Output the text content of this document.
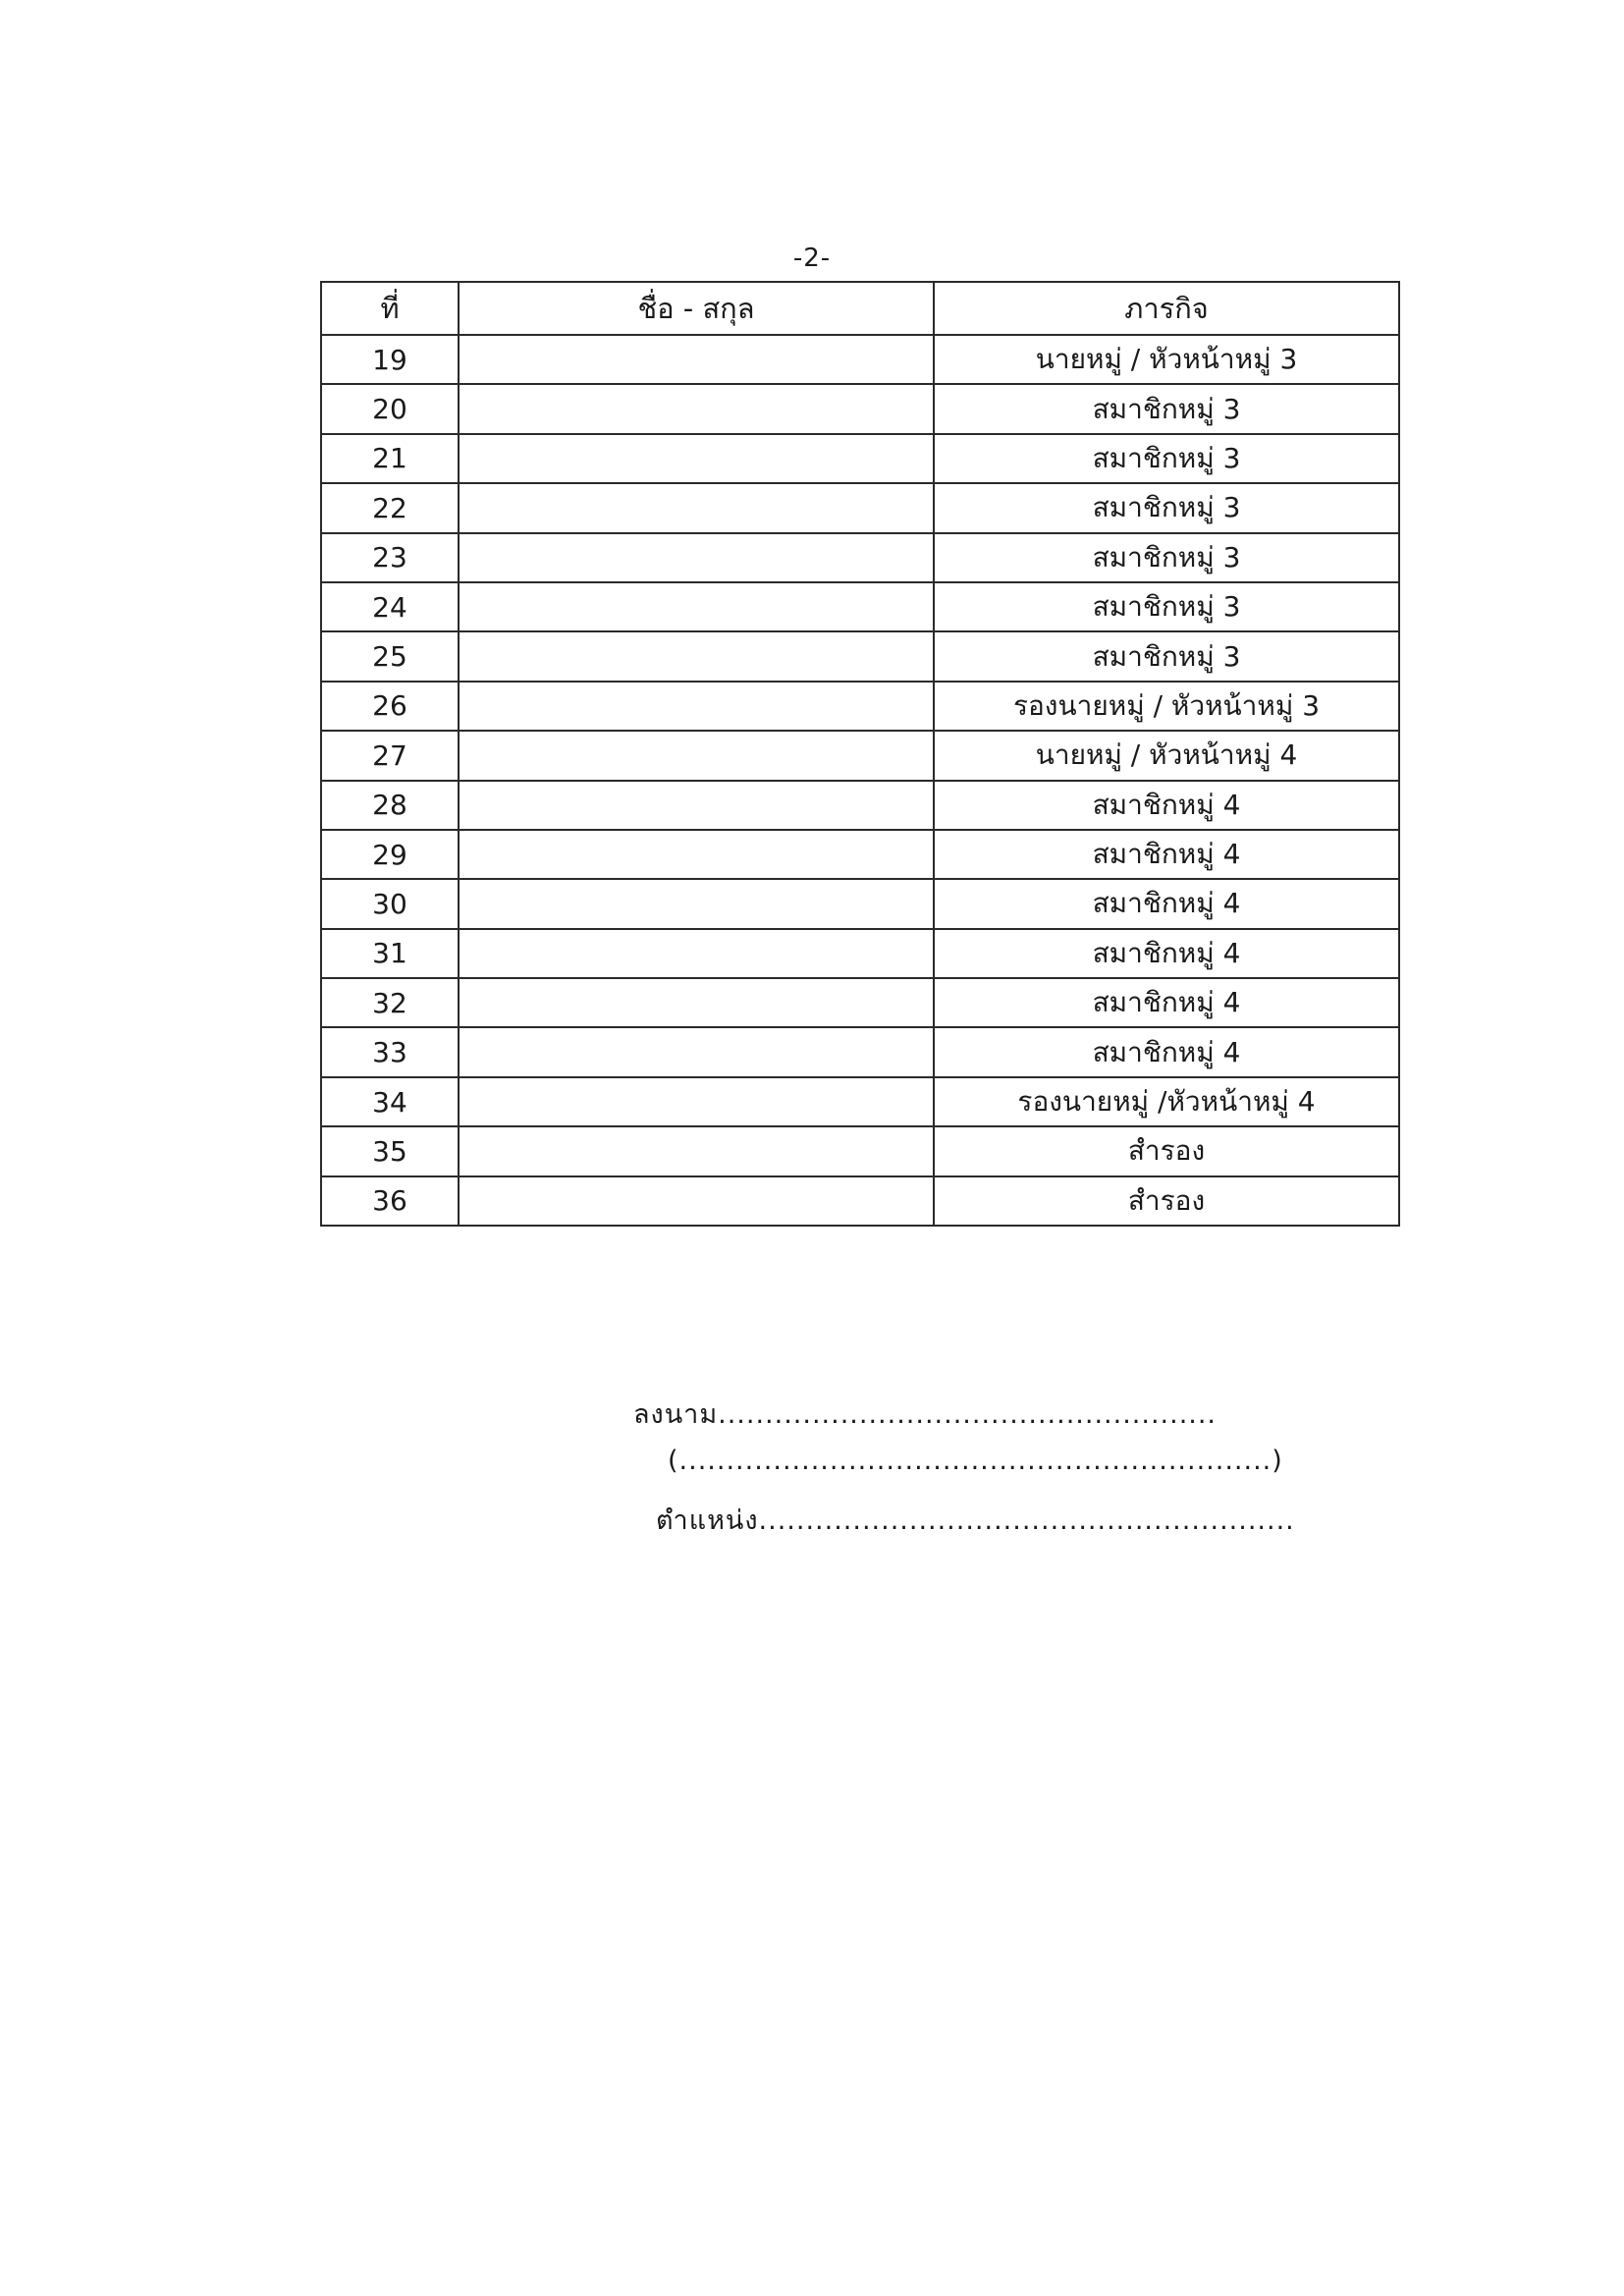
-2-
ที่	ชื่อ - สกุล	ภารกิจ
19		นายหมู่ / หัวหน้าหมู่ 3
20		สมาชิกหมู่ 3
21		สมาชิกหมู่ 3
22		สมาชิกหมู่ 3
23		สมาชิกหมู่ 3
24		สมาชิกหมู่ 3
25		สมาชิกหมู่ 3
26		รองนายหมู่ / หัวหน้าหมู่ 3
27		นายหมู่ / หัวหน้าหมู่ 4
28		สมาชิกหมู่ 4
29		สมาชิกหมู่ 4
30		สมาชิกหมู่ 4
31		สมาชิกหมู่ 4
32		สมาชิกหมู่ 4
33		สมาชิกหมู่ 4
34		รองนายหมู่ /หัวหน้าหมู่ 4
35		สำรอง
36		สำรอง
ลงนาม.....................................................
(...............................................................)
ตำแหน่ง.........................................................
